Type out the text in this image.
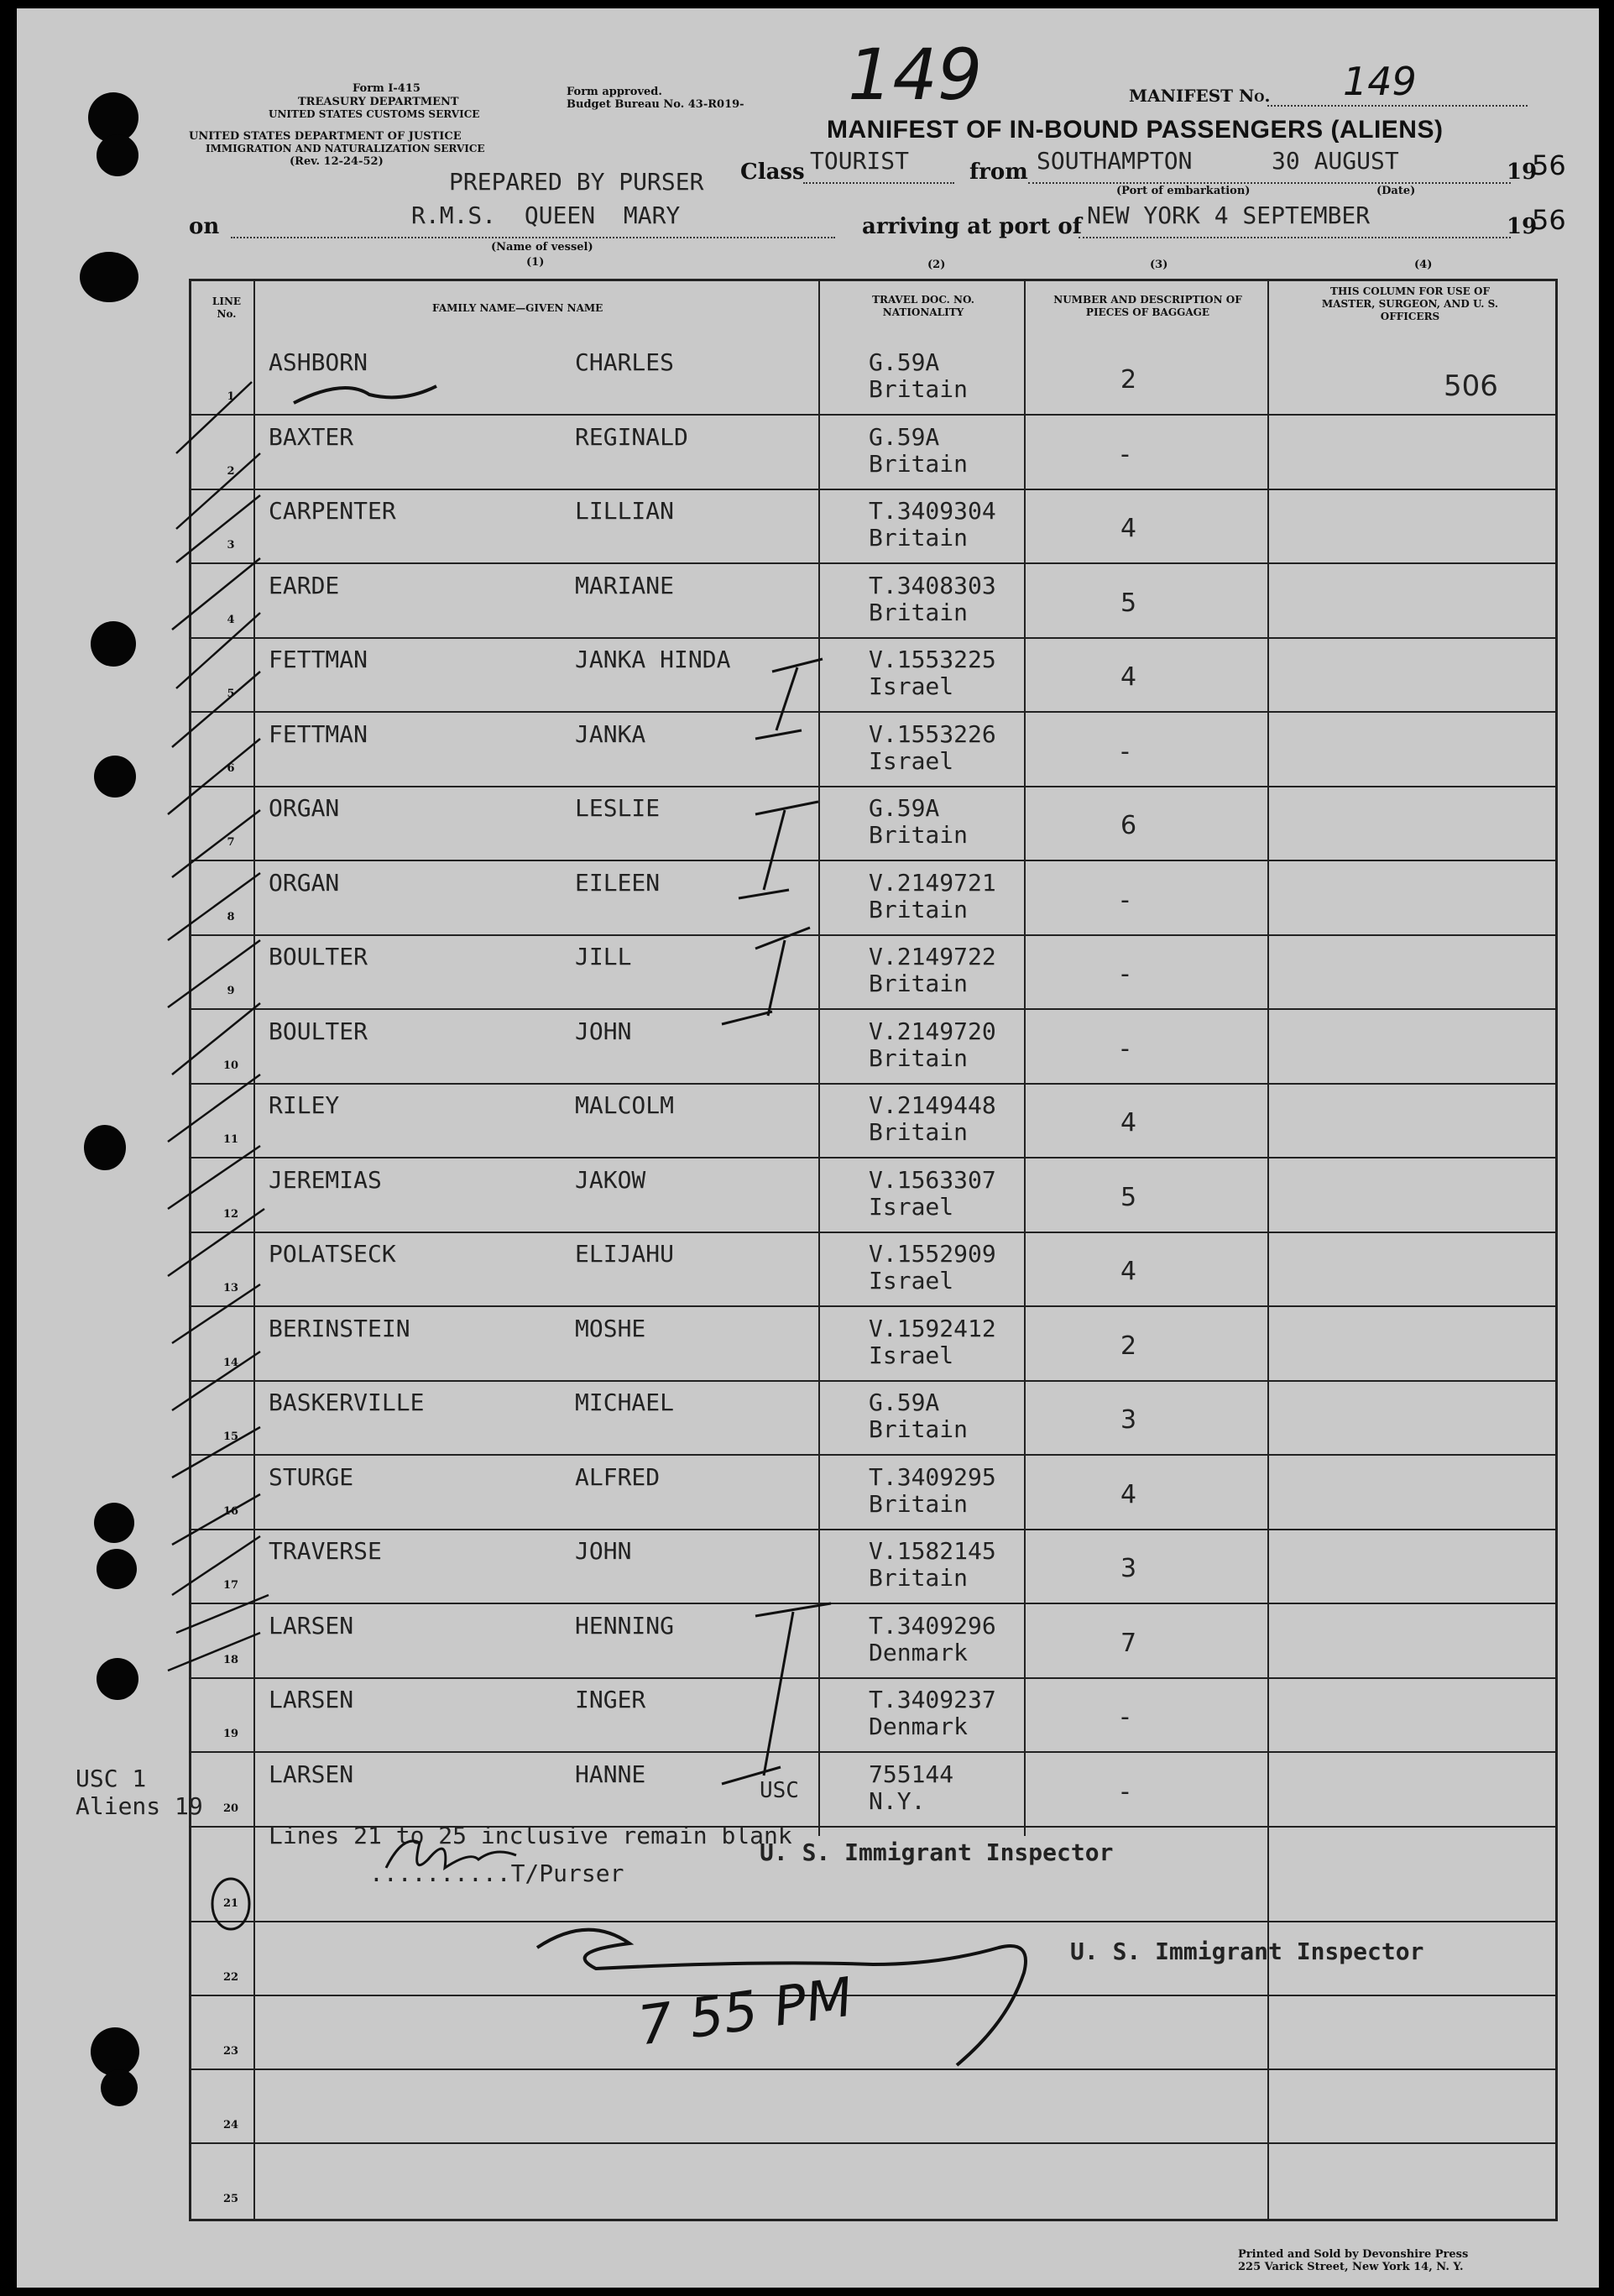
Form I-415
TREASURY DEPARTMENT
UNITED STATES CUSTOMS SERVICE
UNITED STATES DEPARTMENT OF JUSTICE
IMMIGRATION AND NATURALIZATION SERVICE
(Rev. 12-24-52)
Form approved.
Budget Bureau No. 43-R019- 149	MANIFEST No. 149
MANIFEST OF IN-BOUND PASSENGERS (ALIENS)
PREPARED BY PURSER Class TOURIST	from SOUTHAMPTON	30 AUGUST	19
56
(Port of embarkation)	(Date)
on	R.M.S.  QUEEN  MARY
(Name of vessel)
(1)
arriving at port of NEW YORK 4 SEPTEMBER	19
56
(2)	(3)	(4)
LINE No.	FAMILY NAME—GIVEN NAME
TRAVEL DOC. NO. NATIONALITY
NUMBER AND DESCRIPTION OF PIECES OF BAGGAGE
THIS COLUMN FOR USE OF MASTER, SURGEON, AND U. S. OFFICERS
1
ASHBORN	CHARLES	G.59A
Britain	2	506
2
BAXTER	REGINALD	G.59A
Britain	-
3
CARPENTER	LILLIAN	T.3409304
Britain	4
4
EARDE	MARIANE	T.3408303
Britain	5
5
FETTMAN	JANKA HINDA	V.1553225
Israel	4
6
FETTMAN	JANKA	V.1553226
Israel	-
7
ORGAN	LESLIE	G.59A
Britain	6
8
ORGAN	EILEEN	V.2149721
Britain	-
9
BOULTER	JILL	V.2149722
Britain	-
10
BOULTER	JOHN	V.2149720
Britain	-
11
RILEY	MALCOLM	V.2149448
Britain	4
12
JEREMIAS	JAKOW	V.1563307
Israel	5
13
POLATSECK	ELIJAHU	V.1552909
Israel	4
14
BERINSTEIN	MOSHE	V.1592412
Israel	2
15
BASKERVILLE	MICHAEL	G.59A
Britain	3
16
STURGE	ALFRED	T.3409295
Britain	4
17
TRAVERSE	JOHN	V.1582145
Britain	3
18
LARSEN	HENNING	T.3409296
Denmark	7
19
LARSEN	INGER	T.3409237
Denmark	-
20
LARSEN	HANNE	755144
N.Y.	-
21
22
23
24
25
USC 1
Aliens 19
USC
Lines 21 to 25 inclusive remain blank
..........T/Purser
U. S. Immigrant Inspector
U. S. Immigrant Inspector
7 55 PM
Printed and Sold by Devonshire Press
225 Varick Street, New York 14, N. Y.
